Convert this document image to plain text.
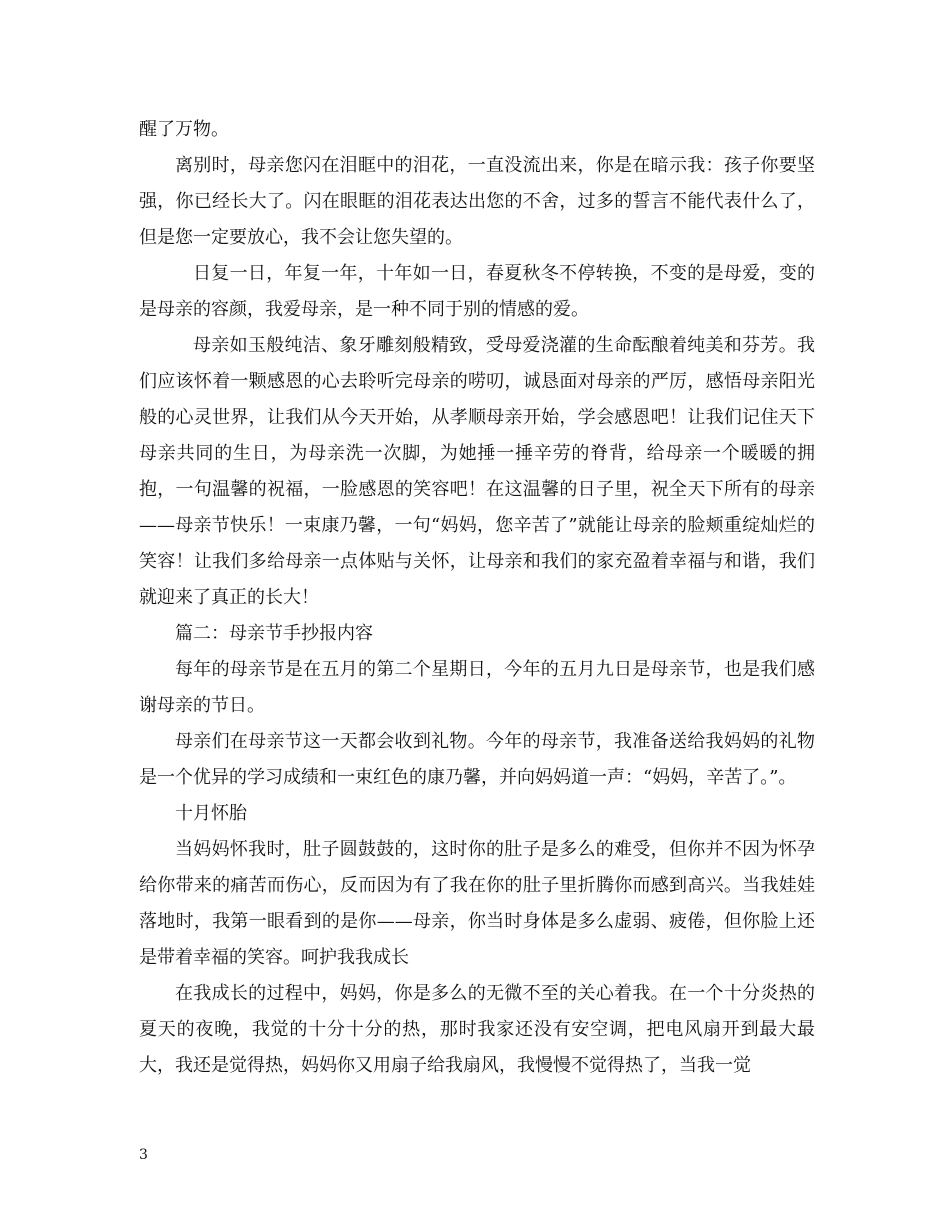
醒了万物。

离别时，母亲您闪在泪眶中的泪花，一直没流出来，你是在暗示我：孩子你要坚强，你已经长大了。闪在眼眶的泪花表达出您的不舍，过多的誓言不能代表什么了，但是您一定要放心，我不会让您失望的。

日复一日，年复一年，十年如一日，春夏秋冬不停转换，不变的是母爱，变的是母亲的容颜，我爱母亲，是一种不同于别的情感的爱。

母亲如玉般纯洁、象牙雕刻般精致，受母爱浇灌的生命酝酿着纯美和芬芳。我们应该怀着一颗感恩的心去聆听完母亲的唠叨，诚恳面对母亲的严厉，感悟母亲阳光般的心灵世界，让我们从今天开始，从孝顺母亲开始，学会感恩吧！让我们记住天下母亲共同的生日，为母亲洗一次脚，为她捶一捶辛劳的脊背，给母亲一个暖暖的拥抱，一句温馨的祝福，一脸感恩的笑容吧！在这温馨的日子里，祝全天下所有的母亲——母亲节快乐！一束康乃馨，一句“妈妈，您辛苦了”就能让母亲的脸颊重绽灿烂的笑容！让我们多给母亲一点体贴与关怀，让母亲和我们的家充盈着幸福与和谐，我们就迎来了真正的长大！

篇二：母亲节手抄报内容

每年的母亲节是在五月的第二个星期日，今年的五月九日是母亲节，也是我们感谢母亲的节日。

母亲们在母亲节这一天都会收到礼物。今年的母亲节，我准备送给我妈妈的礼物是一个优异的学习成绩和一束红色的康乃馨，并向妈妈道一声：“妈妈，辛苦了。”。

十月怀胎

当妈妈怀我时，肚子圆鼓鼓的，这时你的肚子是多么的难受，但你并不因为怀孕给你带来的痛苦而伤心，反而因为有了我在你的肚子里折腾你而感到高兴。当我娃娃落地时，我第一眼看到的是你——母亲，你当时身体是多么虚弱、疲倦，但你脸上还是带着幸福的笑容。呵护我我成长

在我成长的过程中，妈妈，你是多么的无微不至的关心着我。在一个十分炎热的夏天的夜晚，我觉的十分十分的热，那时我家还没有安空调，把电风扇开到最大最大，我还是觉得热，妈妈你又用扇子给我扇风，我慢慢不觉得热了，当我一觉

3
